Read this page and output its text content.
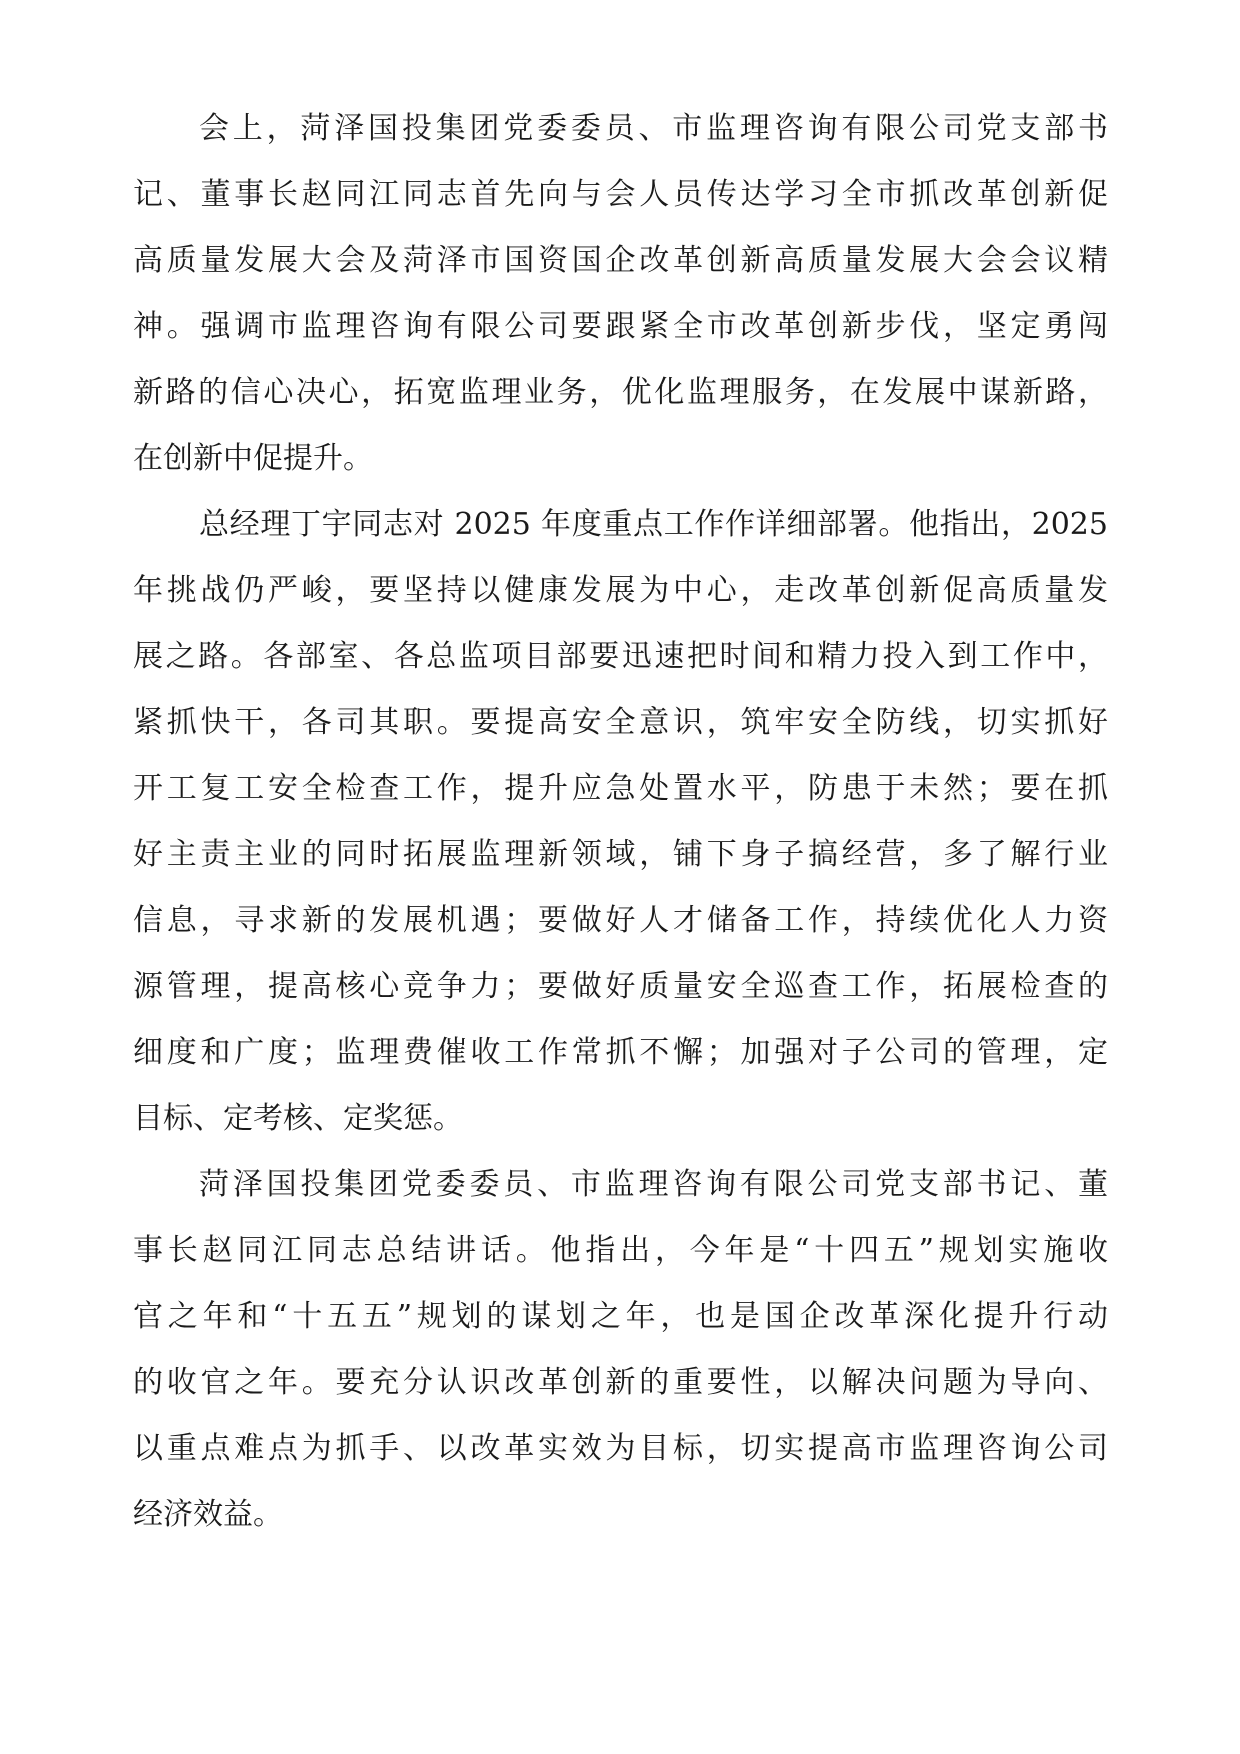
会上，菏泽国投集团党委委员、市监理咨询有限公司党支部书
记、董事长赵同江同志首先向与会人员传达学习全市抓改革创新促
高质量发展大会及菏泽市国资国企改革创新高质量发展大会会议精
神。强调市监理咨询有限公司要跟紧全市改革创新步伐，坚定勇闯
新路的信心决心，拓宽监理业务，优化监理服务，在发展中谋新路，
在创新中促提升。
总经理丁宇同志对 2025 年度重点工作作详细部署。他指出，2025
年挑战仍严峻，要坚持以健康发展为中心，走改革创新促高质量发
展之路。各部室、各总监项目部要迅速把时间和精力投入到工作中，
紧抓快干，各司其职。要提高安全意识，筑牢安全防线，切实抓好
开工复工安全检查工作，提升应急处置水平，防患于未然；要在抓
好主责主业的同时拓展监理新领域，铺下身子搞经营，多了解行业
信息，寻求新的发展机遇；要做好人才储备工作，持续优化人力资
源管理，提高核心竞争力；要做好质量安全巡查工作，拓展检查的
细度和广度；监理费催收工作常抓不懈；加强对子公司的管理，定
目标、定考核、定奖惩。
菏泽国投集团党委委员、市监理咨询有限公司党支部书记、董
事长赵同江同志总结讲话。他指出，今年是“十四五”规划实施收
官之年和“十五五”规划的谋划之年，也是国企改革深化提升行动
的收官之年。要充分认识改革创新的重要性，以解决问题为导向、
以重点难点为抓手、以改革实效为目标，切实提高市监理咨询公司
经济效益。
